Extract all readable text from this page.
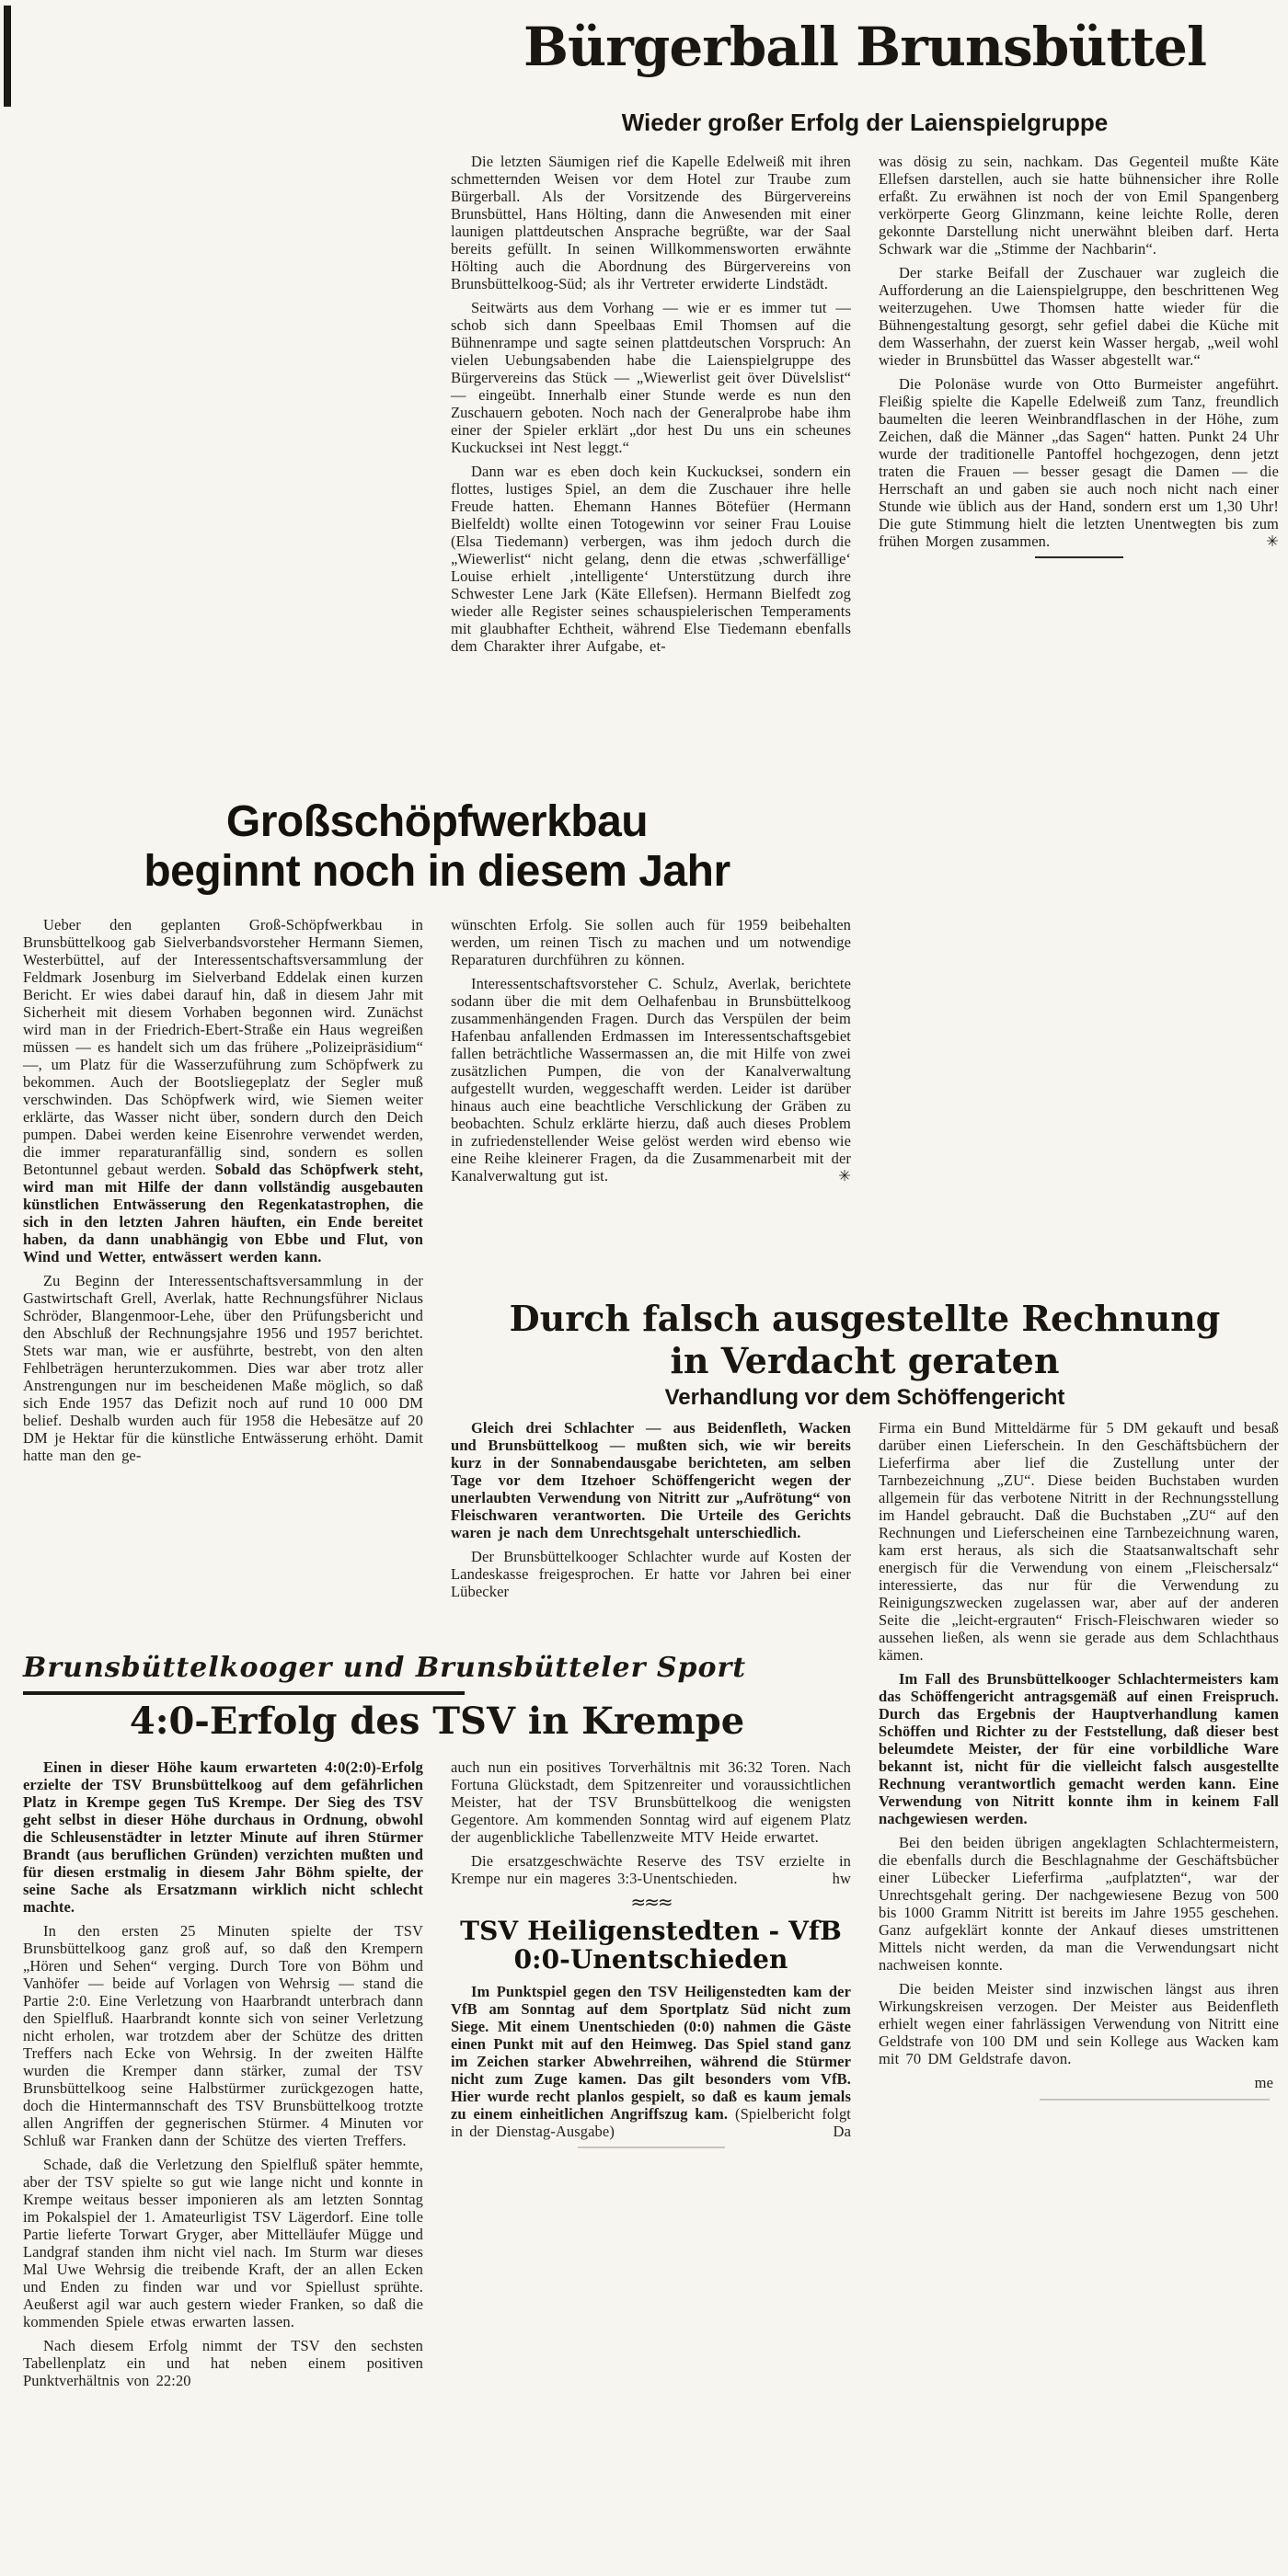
Bürgerball Brunsbüttel
Wieder großer Erfolg der Laienspielgruppe

Die letzten Säumigen rief die Kapelle Edelweiß mit ihren schmetternden Weisen vor dem Hotel zur Traube zum Bürgerball. Als der Vorsitzende des Bürgervereins Brunsbüttel, Hans Hölting, dann die Anwesenden mit einer launigen plattdeutschen Ansprache begrüßte, war der Saal bereits gefüllt. In seinen Willkommensworten erwähnte Hölting auch die Abordnung des Bürgervereins von Brunsbüttelkoog-Süd; als ihr Vertreter erwiderte Lindstädt.

Seitwärts aus dem Vorhang — wie er es immer tut — schob sich dann Speelbaas Emil Thomsen auf die Bühnenrampe und sagte seinen plattdeutschen Vorspruch: An vielen Uebungsabenden habe die Laienspielgruppe des Bürgervereins das Stück — „Wiewerlist geit över Düvelslist“ — eingeübt. Innerhalb einer Stunde werde es nun den Zuschauern geboten. Noch nach der Generalprobe habe ihm einer der Spieler erklärt „dor hest Du uns ein scheunes Kuckucksei int Nest leggt.“

Dann war es eben doch kein Kuckucksei, sondern ein flottes, lustiges Spiel, an dem die Zuschauer ihre helle Freude hatten. Ehemann Hannes Bötefüer (Hermann Bielfeldt) wollte einen Totogewinn vor seiner Frau Louise (Elsa Tiedemann) verbergen, was ihm jedoch durch die „Wiewerlist“ nicht gelang, denn die etwas ‚schwerfällige‘ Louise erhielt ‚intelligente‘ Unterstützung durch ihre Schwester Lene Jark (Käte Ellefsen). Hermann Bielfedt zog wieder alle Register seines schauspielerischen Temperaments mit glaubhafter Echtheit, während Else Tiedemann ebenfalls dem Charakter ihrer Aufgabe, et-

was dösig zu sein, nachkam. Das Gegenteil mußte Käte Ellefsen darstellen, auch sie hatte bühnensicher ihre Rolle erfaßt. Zu erwähnen ist noch der von Emil Spangenberg verkörperte Georg Glinzmann, keine leichte Rolle, deren gekonnte Darstellung nicht unerwähnt bleiben darf. Herta Schwark war die „Stimme der Nachbarin“.

Der starke Beifall der Zuschauer war zugleich die Aufforderung an die Laienspielgruppe, den beschrittenen Weg weiterzugehen. Uwe Thomsen hatte wieder für die Bühnengestaltung gesorgt, sehr gefiel dabei die Küche mit dem Wasserhahn, der zuerst kein Wasser hergab, „weil wohl wieder in Brunsbüttel das Wasser abgestellt war.“

Die Polonäse wurde von Otto Burmeister angeführt. Fleißig spielte die Kapelle Edelweiß zum Tanz, freundlich baumelten die leeren Weinbrandflaschen in der Höhe, zum Zeichen, daß die Männer „das Sagen“ hatten. Punkt 24 Uhr wurde der traditionelle Pantoffel hochgezogen, denn jetzt traten die Frauen — besser gesagt die Damen — die Herrschaft an und gaben sie auch noch nicht nach einer Stunde wie üblich aus der Hand, sondern erst um 1,30 Uhr! Die gute Stimmung hielt die letzten Unentwegten bis zum frühen Morgen zusammen.	✳

Großschöpfwerkbau
beginnt noch in diesem Jahr

Ueber den geplanten Groß-Schöpfwerkbau in Brunsbüttelkoog gab Sielverbandsvorsteher Hermann Siemen, Westerbüttel, auf der Interessentschaftsversammlung der Feldmark Josenburg im Sielverband Eddelak einen kurzen Bericht. Er wies dabei darauf hin, daß in diesem Jahr mit Sicherheit mit diesem Vorhaben begonnen wird. Zunächst wird man in der Friedrich-Ebert-Straße ein Haus wegreißen müssen — es handelt sich um das frühere „Polizeipräsidium“ —, um Platz für die Wasserzuführung zum Schöpfwerk zu bekommen. Auch der Bootsliegeplatz der Segler muß verschwinden. Das Schöpfwerk wird, wie Siemen weiter erklärte, das Wasser nicht über, sondern durch den Deich pumpen. Dabei werden keine Eisenrohre verwendet werden, die immer reparaturanfällig sind, sondern es sollen Betontunnel gebaut werden. Sobald das Schöpfwerk steht, wird man mit Hilfe der dann vollständig ausgebauten künstlichen Entwässerung den Regenkatastrophen, die sich in den letzten Jahren häuften, ein Ende bereitet haben, da dann unabhängig von Ebbe und Flut, von Wind und Wetter, entwässert werden kann.

Zu Beginn der Interessentschaftsversammlung in der Gastwirtschaft Grell, Averlak, hatte Rechnungsführer Niclaus Schröder, Blangenmoor-Lehe, über den Prüfungsbericht und den Abschluß der Rechnungsjahre 1956 und 1957 berichtet. Stets war man, wie er ausführte, bestrebt, von den alten Fehlbeträgen herunterzukommen. Dies war aber trotz aller Anstrengungen nur im bescheidenen Maße möglich, so daß sich Ende 1957 das Defizit noch auf rund 10 000 DM belief. Deshalb wurden auch für 1958 die Hebesätze auf 20 DM je Hektar für die künstliche Entwässerung erhöht. Damit hatte man den ge-

wünschten Erfolg. Sie sollen auch für 1959 beibehalten werden, um reinen Tisch zu machen und um notwendige Reparaturen durchführen zu können.

Interessentschaftsvorsteher C. Schulz, Averlak, berichtete sodann über die mit dem Oelhafenbau in Brunsbüttelkoog zusammenhängenden Fragen. Durch das Verspülen der beim Hafenbau anfallenden Erdmassen im Interessentschaftsgebiet fallen beträchtliche Wassermassen an, die mit Hilfe von zwei zusätzlichen Pumpen, die von der Kanalverwaltung aufgestellt wurden, weggeschafft werden. Leider ist darüber hinaus auch eine beachtliche Verschlickung der Gräben zu beobachten. Schulz erklärte hierzu, daß auch dieses Problem in zufriedenstellender Weise gelöst werden wird ebenso wie eine Reihe kleinerer Fragen, da die Zusammenarbeit mit der Kanalverwaltung gut ist.	✳

Durch falsch ausgestellte Rechnung
in Verdacht geraten
Verhandlung vor dem Schöffengericht

Gleich drei Schlachter — aus Beidenfleth, Wacken und Brunsbüttelkoog — mußten sich, wie wir bereits kurz in der Sonnabendausgabe berichteten, am selben Tage vor dem Itzehoer Schöffengericht wegen der unerlaubten Verwendung von Nitritt zur „Aufrötung“ von Fleischwaren verantworten. Die Urteile des Gerichts waren je nach dem Unrechtsgehalt unterschiedlich.

Der Brunsbüttelkooger Schlachter wurde auf Kosten der Landeskasse freigesprochen. Er hatte vor Jahren bei einer Lübecker

Firma ein Bund Mitteldärme für 5 DM gekauft und besaß darüber einen Lieferschein. In den Geschäftsbüchern der Lieferfirma aber lief die Zustellung unter der Tarnbezeichnung „ZU“. Diese beiden Buchstaben wurden allgemein für das verbotene Nitritt in der Rechnungsstellung im Handel gebraucht. Daß die Buchstaben „ZU“ auf den Rechnungen und Lieferscheinen eine Tarnbezeichnung waren, kam erst heraus, als sich die Staatsanwaltschaft sehr energisch für die Verwendung von einem „Fleischersalz“ interessierte, das nur für die Verwendung zu Reinigungszwecken zugelassen war, aber auf der anderen Seite die „leicht-ergrauten“ Frisch-Fleischwaren wieder so aussehen ließen, als wenn sie gerade aus dem Schlachthaus kämen.

Im Fall des Brunsbüttelkooger Schlachtermeisters kam das Schöffengericht antragsgemäß auf einen Freispruch. Durch das Ergebnis der Hauptverhandlung kamen Schöffen und Richter zu der Feststellung, daß dieser best beleumdete Meister, der für eine vorbildliche Ware bekannt ist, nicht für die vielleicht falsch ausgestellte Rechnung verantwortlich gemacht werden kann. Eine Verwendung von Nitritt konnte ihm in keinem Fall nachgewiesen werden.

Bei den beiden übrigen angeklagten Schlachtermeistern, die ebenfalls durch die Beschlagnahme der Geschäftsbücher einer Lübecker Lieferfirma „aufplatzten“, war der Unrechtsgehalt gering. Der nachgewiesene Bezug von 500 bis 1000 Gramm Nitritt ist bereits im Jahre 1955 geschehen. Ganz aufgeklärt konnte der Ankauf dieses umstrittenen Mittels nicht werden, da man die Verwendungsart nicht nachweisen konnte.

Die beiden Meister sind inzwischen längst aus ihren Wirkungskreisen verzogen. Der Meister aus Beidenfleth erhielt wegen einer fahrlässigen Verwendung von Nitritt eine Geldstrafe von 100 DM und sein Kollege aus Wacken kam mit 70 DM Geldstrafe davon.

me
Brunsbüttelkooger und Brunsbütteler Sport
4:0-Erfolg des TSV in Krempe

Einen in dieser Höhe kaum erwarteten 4:0(2:0)-Erfolg erzielte der TSV Brunsbüttelkoog auf dem gefährlichen Platz in Krempe gegen TuS Krempe. Der Sieg des TSV geht selbst in dieser Höhe durchaus in Ordnung, obwohl die Schleusenstädter in letzter Minute auf ihren Stürmer Brandt (aus beruflichen Gründen) verzichten mußten und für diesen erstmalig in diesem Jahr Böhm spielte, der seine Sache als Ersatzmann wirklich nicht schlecht machte.

In den ersten 25 Minuten spielte der TSV Brunsbüttelkoog ganz groß auf, so daß den Krempern „Hören und Sehen“ verging. Durch Tore von Böhm und Vanhöfer — beide auf Vorlagen von Wehrsig — stand die Partie 2:0. Eine Verletzung von Haarbrandt unterbrach dann den Spielfluß. Haarbrandt konnte sich von seiner Verletzung nicht erholen, war trotzdem aber der Schütze des dritten Treffers nach Ecke von Wehrsig. In der zweiten Hälfte wurden die Kremper dann stärker, zumal der TSV Brunsbüttelkoog seine Halbstürmer zurückgezogen hatte, doch die Hintermannschaft des TSV Brunsbüttelkoog trotzte allen Angriffen der gegnerischen Stürmer. 4 Minuten vor Schluß war Franken dann der Schütze des vierten Treffers.

Schade, daß die Verletzung den Spielfluß später hemmte, aber der TSV spielte so gut wie lange nicht und konnte in Krempe weitaus besser imponieren als am letzten Sonntag im Pokalspiel der 1. Amateurligist TSV Lägerdorf. Eine tolle Partie lieferte Torwart Gryger, aber Mittelläufer Mügge und Landgraf standen ihm nicht viel nach. Im Sturm war dieses Mal Uwe Wehrsig die treibende Kraft, der an allen Ecken und Enden zu finden war und vor Spiellust sprühte. Aeußerst agil war auch gestern wieder Franken, so daß die kommenden Spiele etwas erwarten lassen.

Nach diesem Erfolg nimmt der TSV den sechsten Tabellenplatz ein und hat neben einem positiven Punktverhältnis von 22:20

auch nun ein positives Torverhältnis mit 36:32 Toren. Nach Fortuna Glückstadt, dem Spitzenreiter und voraussichtlichen Meister, hat der TSV Brunsbüttelkoog die wenigsten Gegentore. Am kommenden Sonntag wird auf eigenem Platz der augenblickliche Tabellenzweite MTV Heide erwartet.

Die ersatzgeschwächte Reserve des TSV erzielte in Krempe nur ein mageres 3:3-Unentschieden.	hw

≈≈≈
TSV Heiligenstedten - VfB
0:0-Unentschieden

Im Punktspiel gegen den TSV Heiligenstedten kam der VfB am Sonntag auf dem Sportplatz Süd nicht zum Siege. Mit einem Unentschieden (0:0) nahmen die Gäste einen Punkt mit auf den Heimweg. Das Spiel stand ganz im Zeichen starker Abwehrreihen, während die Stürmer nicht zum Zuge kamen. Das gilt besonders vom VfB. Hier wurde recht planlos gespielt, so daß es kaum jemals zu einem einheitlichen Angriffszug kam. (Spielbericht folgt in der Dienstag-Ausgabe)	Da
